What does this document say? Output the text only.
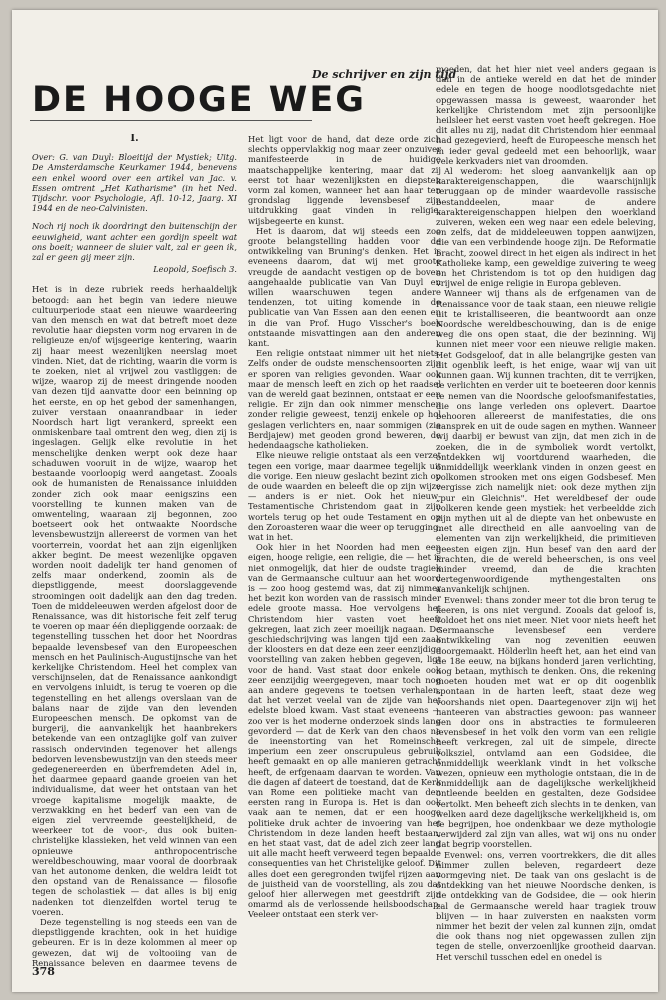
De schrijver en zijn tijd
DE HOOGE WEG
I.
Over: G. van Duyl: Bloeitijd der Mystiek; Uitg. De Amsterdamsche Keurkamer 1944, benevens een enkel woord over een artikel van Jac. v. Essen omtrent „Het Katharisme" (in het Ned. Tijdschr. voor Psychologie, Afl. 10-12, Jaarg. XI 1944 en de neo-Calvinisten.
Noch rij noch ik doordringt den buitenschijn der eeuwigheid, want achter een gordijn speelt wat ons boeit; wanneer de sluier valt, zal er geen ik, zal er geen gij meer zijn.
Leopold, Soefisch 3.

Het is in deze rubriek reeds herhaaldelijk betoogd: aan het begin van iedere nieuwe cultuurperiode staat een nieuwe waardeering van den mensch en wat dat betreft moet deze revolutie haar diepsten vorm nog ervaren in de religieuze en/of wijsgeerige kentering, waarin zij haar meest wezenlijken neerslag moet vinden. Niet, dat de richting, waarin die vorm is te zoeken, niet al vrijwel zou vastliggen: de wijze, waarop zij de meest dringende nooden van dezen tijd aanvatte door een beinning op het eerste, en op het gebod der samenhangen, zuiver verstaan onaanrandbaar in ieder Noordsch hart ligt verankerd, spreekt een onmiskenbare taal omtrent den weg, dien zij is ingeslagen. Gelijk elke revolutie in het menschelijke denken werpt ook deze haar schaduwen vooruit in de wijze, waarop het bestaande voorloopig werd aangetast. Zooals ook de humanisten de Renaissance inluidden zonder zich ook maar eenigszins een voorstelling te kunnen maken van de omwenteling, waaraan zij begonnen, zoo boetseert ook het ontwaakte Noordsche levensbewustzijn allereerst de vormen van het voorterrein, voordat het aan zijn eigenlijken akker begint. De meest wezenlijke opgaven worden nooit dadelijk ter hand genomen of zelfs maar onderkend, zoomin als de diepstliggende, meest doorslaggevende stroomingen ooit dadelijk aan den dag treden. Toen de middeleeuwen werden afgelost door de Renaissance, was dit historische feit zelf terug te voeren op maar één diepliggende oorzaak: de tegenstelling tusschen het door het Noordras bepaalde levensbesef van den Europeeschen mensch en het Paulinisch-Augustijnsche van het kerkelijke Christendom. Heel het complex van verschijnselen, dat de Renaissance aankondigt en vervolgens inluidt, is terug te voeren op die tegenstelling en het allengs overslaan van de balans naar de zijde van den levenden Europeeschen mensch. De opkomst van de burgerij, die aanvankelijk het haanbrekers betekende van een ontzaglijke golf van zuiver rassisch ondervinden tegenover het allengs bedorven levensbewustzijn van den steeds meer gedegenereerden en überfremdeten Adel in, het daarmee gepaard gaande groeien van het individualisme, dat weer het ontstaan van het vroege kapitalisme mogelijk maakte, de verzwakking en het bederf van een van de eigen ziel vervreemde geestelijkheid, de weerkeer tot de voor-, dus ook buiten-christelijke klassieken, het veld winnen van een opnieuwe anthropocentrische wereldbeschouwing, maar vooral de doorbraak van het autonome denken, die weldra leidt tot den opstand van de Renaissance — filosofie tegen de scholastiek — dat alles is bij enig nadenken tot dienzelfden wortel terug te voeren.

Deze tegenstelling is nog steeds een van de diepstliggende krachten, ook in het huidige gebeuren. Er is in deze kolommen al meer op gewezen, dat wij de voltooiing van de Renaissance beleven en daarmee tevens de

Het ligt voor de hand, dat deze orde zich slechts oppervlakkig nog maar zeer onzuiver manifesteerde in de huidige maatschappelijke kentering, maar dat zij eerst tot haar wezenlijksten en diepsten vorm zal komen, wanneer het aan haar ten grondslag liggende levensbesef zijn uitdrukking gaat vinden in religie, wijsbegeerte en kunst.

Het is daarom, dat wij steeds een zoo groote belangstelling hadden voor de ontwikkeling van Bruning's denken. Het is eveneens daarom, dat wij met groote vreugde de aandacht vestigen op de boven aangehaalde publicatie van Van Duyl en willen waarschuwen tegen andere tendenzen, tot uiting komende in de publicatie van Van Essen aan den eenen en in die van Prof. Hugo Visscher's boek ontstaande misvattingen aan den anderen kant.

Een religie ontstaat nimmer uit het niets. Zelfs onder de oudste menschensoorten zijn er sporen van religies gevonden. Waar ook maar de mensch leeft en zich op het raadsel van de wereld gaat bezinnen, ontstaat er een religie. Er zijn dan ook nimmer menschen zonder religie geweest, tenzij enkele op hol geslagen verlichters en, naar sommigen (zie Berdjajew) met geoden grond beweren, de hedendaagsche katholieken.

Elke nieuwe religie ontstaat als een verzet tegen een vorige, maar daarmee tegelijk uit die vorige. Een nieuw geslacht bezint zich op de oude waarden en beleeft die op zijn wijze — anders is er niet. Ook het nieuw-Testamentische Christendom gaat in zijn wortels terug op het oude Testament en op den Zoroasteren waar die weer op terugging, wat in het.

Ook hier in het Noorden had men een eigen, hooge religie, een religie, die — het is niet onmogelijk, dat hier de oudste tragiek van de Germaansche cultuur aan het woord is — zoo hoog gestemd was, dat zij nimmer het bezit kon worden van de rassisch minder edele groote massa. Hoe vervolgens het Christendom hier vasten voet heeft gekregen, laat zich zeer moeilijk nagaan. De geschiedschrijving was langen tijd een zaak der kloosters en dat deze een zeer eenzijdige voorstelling van zaken hebben gegeven, ligt voor de hand. Vast staat door enkele ook zeer eenzijdig weergegeven, maar toch nog aan andere gegevens te toetsen verhalen, dat het verzet veelal van de zijde van het edelste bloed kwam. Vast staat eveneens — zoo ver is het moderne onderzoek sinds lang gevorderd — dat de Kerk van den chaos na de ineenstorting van het Romeinsche imperium een zeer onscrupuleus gebruik heeft gemaakt en op alle manieren getracht heeft, de erfgenaam daarvan te worden. Van die dagen af dateert de toestand, dat de Kerk van Rome een politieke macht van den eersten rang in Europa is. Het is dan ook vaak aan te nemen, dat er een hooge politieke druk achter de invoering van het Christendom in deze landen heeft bestaan, en het staat vast, dat de adel zich zeer lang uit alle macht heeft verweerd tegen bepaalde consequenties van het Christelijke geloof. Dit alles doet een geregronden twijfel rijzen aan de juistheid van de voorstelling, als zou dat geloof hier allerwegen met geestdrift zijn omarmd als de verlossende heilsboodschap. Veeleer ontstaat een sterk ver-

moeden, dat het hier niet veel anders gegaan is dan in de antieke wereld en dat het de minder edele en tegen de hooge noodlotsgedachte niet opgewassen massa is geweest, waaronder het kerkelijke Christendom met zijn persoonlijke heilsleer het eerst vasten voet heeft gekregen. Hoe dit alles nu zij, nadat dit Christendom hier eenmaal had gezegevierd, heeft de Europeesche mensch het in ieder geval gedeeld met een behoorlijk, waar vele kerkvaders niet van droomden.

Al wederom: het sloeg aanvankelijk aan op karaktereigenschappen, die waarschijnlijk teruggaan op de minder waardevolle rassische bestanddeelen, maar de andere karaktereigenschappen hielpen den woerkland zuiveren, weken een weg naar een edele beleving, en zelfs, dat de middeleeuwen toppen aanwijzen, die van een verbindende hooge zijn. De Reformatie bracht, zoowel direct in het eigen als indirect in het Katholieke kamp, een geweldige zuivering te weeg en het Christendom is tot op den huidigen dag vrijwel de enige religie in Europa gebleven.

Wanneer wij thans als de erfgenamen van de Renaissance voor de taak staan, een nieuwe religie uit te kristalliseeren, die beantwoordt aan onze Noordsche wereldbeschouwing, dan is de enige weg die ons open staat, die der bezinning. Wij kunnen niet meer voor een nieuwe religie maken. Het Godsgeloof, dat in alle belangrijke gesten van dit ogenblik leeft, is het enige, waar wij van uit kunnen gaan. Wij kunnen trachten, dit te verrijken, te verlichten en verder uit te boeteeren door kennis te nemen van die Noordsche geloofsmanifestaties, die ons lange verleden ons oplevert. Daartoe behooren allereerst de manifestaties, die ons aansprek en uit de oude sagen en mythen. Wanneer wij daarbij er bewust van zijn, dat men zich in de zoeken, die in de symboliek wordt vertolkt, ontdekken wij voortdurend waarheden, die onmiddellijk weerklank vinden in onzen geest en volkomen strooken met ons eigen Godsbesef. Men vergisse zich namelijk niet: ook deze mythen zijn „pur ein Gleichnis". Het wereldbesef der oude volkeren kende geen mystiek: het verbeeldde zich zijn mythen uit al de diepte van het onbewuste en met alle directheid en alle aanvoeling van de elementen van zijn werkelijkheid, die primitieven geesten eigen zijn. Hun besef van den aard der krachten, die de wereld beheerschen, is ons veel minder vreemd, dan de die krachten vertegenwoordigende mythengestalten ons aanvankelijk schijnen.

Evenwel: thans zonder meer tot die bron terug te keeren, is ons niet vergund. Zooals dat geloof is, voldoet het ons niet meer. Niet voor niets heeft het Germaansche levensbesef een verdere ontwikkeling van nog zevenitien eeuwen doorgemaakt. Hölderlin heeft het, aan het eind van de 18e eeuw, na bijkans honderd jaren verlichting, nog betaan, mythisch te denken. Ons, die rekening moeten houden met wat er op dit oogenblik spontaan in de harten leeft, staat deze weg voorshands niet open. Daartegenover zijn wij het hanteeren van abstracties gewoon: pas wanneer een door ons in abstracties te formuleeren levensbesef in het volk den vorm van een religie heeft verkregen, zal uit de simpele, directe volksziel, ontvlamd aan een Godsidee, die onmiddellijk weerklank vindt in het volksche wezen, opnieuw een mythologie ontstaan, die in de onmiddellijk aan de dagelijksche werkelijkheid ontleende beelden en gestalten, deze Godsidee vertolkt. Men beheeft zich slechts in te denken, van welken aard deze dagelijksche werkelijkheid is, om te begrijpen, hoe ondenkbaar we deze mythologie verwijderd zal zijn van alles, wat wij ons nu onder dat begrip voorstellen.

Evenwel: ons, verren voortrekkers, die dit alles nimmer zullen beleven, regardeert deze vormgeving niet. De taak van ons geslacht is de ontdekking van het nieuwe Noordsche denken, is de ontdekking van de Godsidee, die — ook hierin zal de Germaansche wereld haar tragiek trouw blijven — in haar zuiversten en naaksten vorm nimmer het bezit der velen zal kunnen zijn, omdat die ook thans nog niet opgewassen zullen zijn tegen de stelle, onverzoenlijke grootheid daarvan. Het verschil tusschen edel en onedel is

378
